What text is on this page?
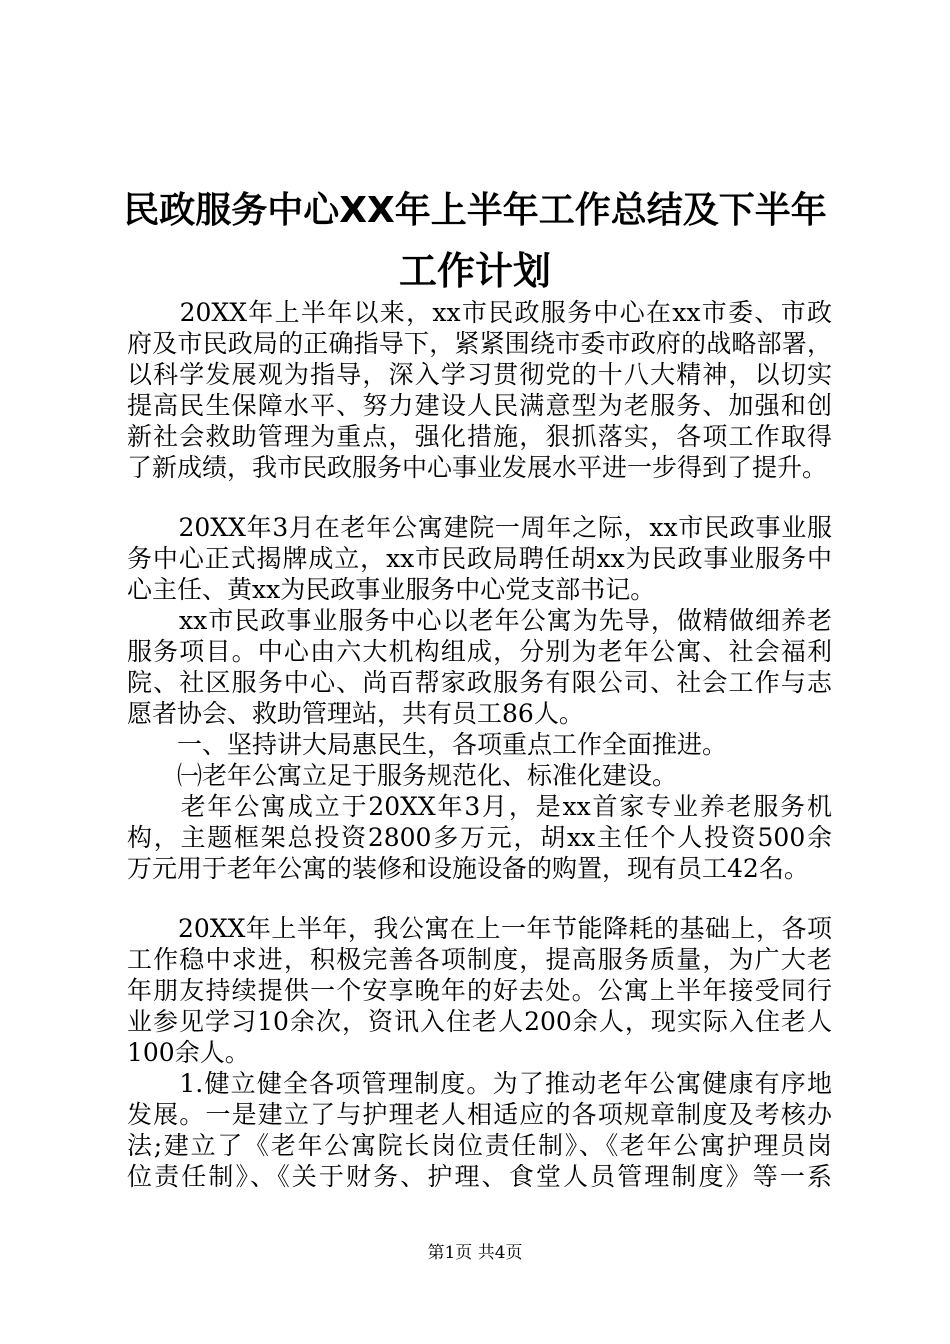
民政服务中心XX年上半年工作总结及下半年
工作计划
　　20XX年上半年以来，xx市民政服务中心在xx市委、市政
府及市民政局的正确指导下，紧紧围绕市委市政府的战略部署，
以科学发展观为指导，深入学习贯彻党的十八大精神，以切实
提高民生保障水平、努力建设人民满意型为老服务、加强和创
新社会救助管理为重点，强化措施，狠抓落实，各项工作取得
了新成绩，我市民政服务中心事业发展水平进一步得到了提升。
　　20XX年3月在老年公寓建院一周年之际，xx市民政事业服
务中心正式揭牌成立，xx市民政局聘任胡xx为民政事业服务中
心主任、黄xx为民政事业服务中心党支部书记。
　　xx市民政事业服务中心以老年公寓为先导，做精做细养老
服务项目。中心由六大机构组成，分别为老年公寓、社会福利
院、社区服务中心、尚百帮家政服务有限公司、社会工作与志
愿者协会、救助管理站，共有员工86人。
　　一、坚持讲大局惠民生，各项重点工作全面推进。
　　㈠老年公寓立足于服务规范化、标准化建设。
　　老年公寓成立于20XX年3月，是xx首家专业养老服务机
构，主题框架总投资2800多万元，胡xx主任个人投资500余
万元用于老年公寓的装修和设施设备的购置，现有员工42名。
　　20XX年上半年，我公寓在上一年节能降耗的基础上，各项
工作稳中求进，积极完善各项制度，提高服务质量，为广大老
年朋友持续提供一个安享晚年的好去处。公寓上半年接受同行
业参见学习10余次，资讯入住老人200余人，现实际入住老人
100余人。
　　1.健立健全各项管理制度。为了推动老年公寓健康有序地
发展。一是建立了与护理老人相适应的各项规章制度及考核办
法;建立了《老年公寓院长岗位责任制》、《老年公寓护理员岗
位责任制》、《关于财务、护理、食堂人员管理制度》等一系
第1页 共4页
